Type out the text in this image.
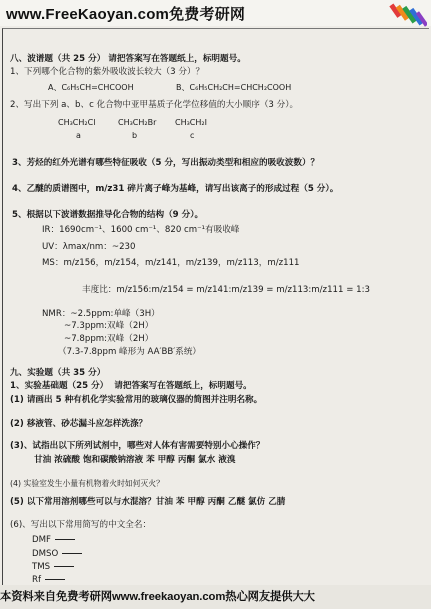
www.FreeKaoyan.com免费考研网
八、波谱题（共 25 分） 请把答案写在答题纸上，标明题号。
1、下列哪个化合物的紫外吸收波长较大（3 分）？
A、C₆H₅CH=CHCOOH	B、C₆H₅CH₂CH=CHCH₂COOH
2、写出下列 a、b、c 化合物中亚甲基质子化学位移值的大小顺序（3 分）。
CH₃CH₂Cl	CH₃CH₂Br CH₃CH₂I
a	b	c
3、芳烃的红外光谱有哪些特征吸收（5 分，写出振动类型和相应的吸收波数）？
4、乙醚的质谱图中，m/z31 碎片离子峰为基峰，请写出该离子的形成过程（5 分）。
5、根据以下波谱数据推导化合物的结构（9 分）。
IR：1690cm⁻¹、1600 cm⁻¹、820 cm⁻¹有吸收峰
UV：λmax/nm：~230
MS：m/z156，m/z154，m/z141，m/z139，m/z113，m/z111
丰度比：m/z156:m/z154 = m/z141:m/z139 = m/z113:m/z111 = 1:3
NMR：~2.5ppm:单峰（3H）
~7.3ppm:双峰（2H）
~7.8ppm:双峰（2H）
（7.3-7.8ppm 峰形为 AA′BB′系统）
九、实验题（共 35 分）
1、实验基础题（25 分） 请把答案写在答题纸上，标明题号。
(1) 请画出 5 种有机化学实验常用的玻璃仪器的简图并注明名称。
(2) 移液管、砂芯漏斗应怎样洗涤？
(3)、试指出以下所列试剂中，哪些对人体有害需要特别小心操作？
甘油 浓硫酸 饱和碳酸钠溶液 苯 甲醇 丙酮 氯水 液溴
(4) 实验室发生小量有机物着火时如何灭火？
(5) 以下常用溶剂哪些可以与水混溶？甘油 苯 甲醇 丙酮 乙醚 氯仿 乙腈
(6)、写出以下常用简写的中文全名：
DMF
DMSO
TMS
Rf
本资料来自免费考研网www.freekaoyan.com热心网友提供大大
